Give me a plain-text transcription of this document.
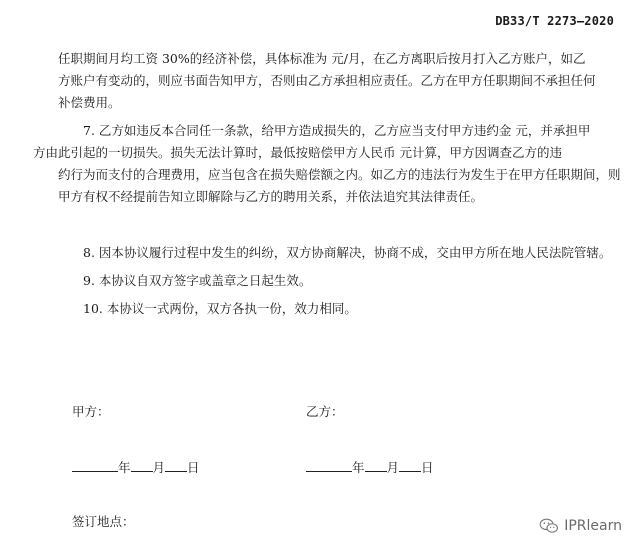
DB33/T 2273—2020

任职期间月均工资 30%的经济补偿，具体标准为 元/月，在乙方离职后按月打入乙方账户，如乙
方账户有变动的，则应书面告知甲方，否则由乙方承担相应责任。乙方在甲方任职期间不承担任何
补偿费用。

7. 乙方如违反本合同任一条款，给甲方造成损失的，乙方应当支付甲方违约金 元，并承担甲
方由此引起的一切损失。损失无法计算时，最低按赔偿甲方人民币 元计算，甲方因调查乙方的违
约行为而支付的合理费用，应当包含在损失赔偿额之内。如乙方的违法行为发生于在甲方任职期间，则
甲方有权不经提前告知立即解除与乙方的聘用关系，并依法追究其法律责任。

8. 因本协议履行过程中发生的纠纷，双方协商解决，协商不成，交由甲方所在地人民法院管辖。

9. 本协议自双方签字或盖章之日起生效。

10. 本协议一式两份，双方各执一份，效力相同。

甲方：	乙方：
年 月 日	年 月 日
签订地点：	IPRlearn
